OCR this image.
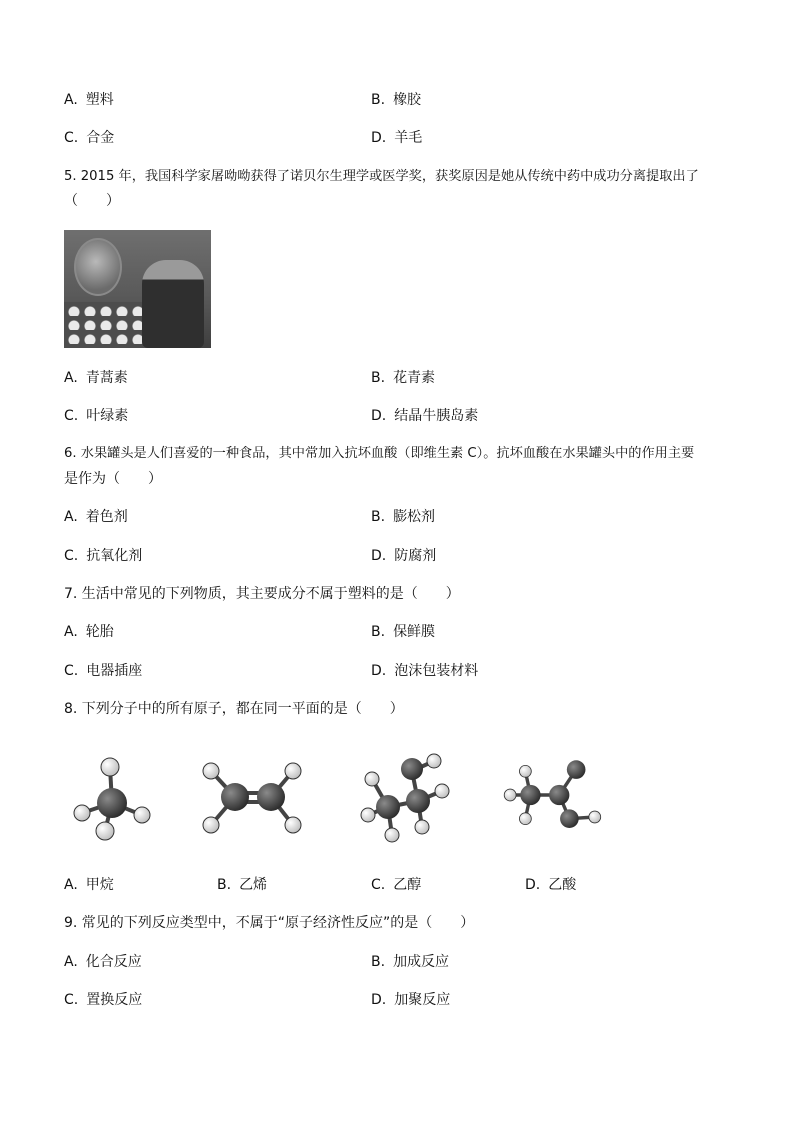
A. 塑料	B. 橡胶
C. 合金	D. 羊毛
5. 2015 年，我国科学家屠呦呦获得了诺贝尔生理学或医学奖，获奖原因是她从传统中药中成功分离提取出了
（　　）
A. 青蒿素	B. 花青素
C. 叶绿素	D. 结晶牛胰岛素
6. 水果罐头是人们喜爱的一种食品，其中常加入抗坏血酸（即维生素 C）。抗坏血酸在水果罐头中的作用主要
是作为（　　）
A. 着色剂	B. 膨松剂
C. 抗氧化剂	D. 防腐剂
7. 生活中常见的下列物质，其主要成分不属于塑料的是（　　）
A. 轮胎	B. 保鲜膜
C. 电器插座	D. 泡沫包装材料
8. 下列分子中的所有原子，都在同一平面的是（　　）
A. 甲烷	B. 乙烯	C. 乙醇	D. 乙酸
9. 常见的下列反应类型中，不属于“原子经济性反应”的是（　　）
A. 化合反应	B. 加成反应
C. 置换反应	D. 加聚反应
